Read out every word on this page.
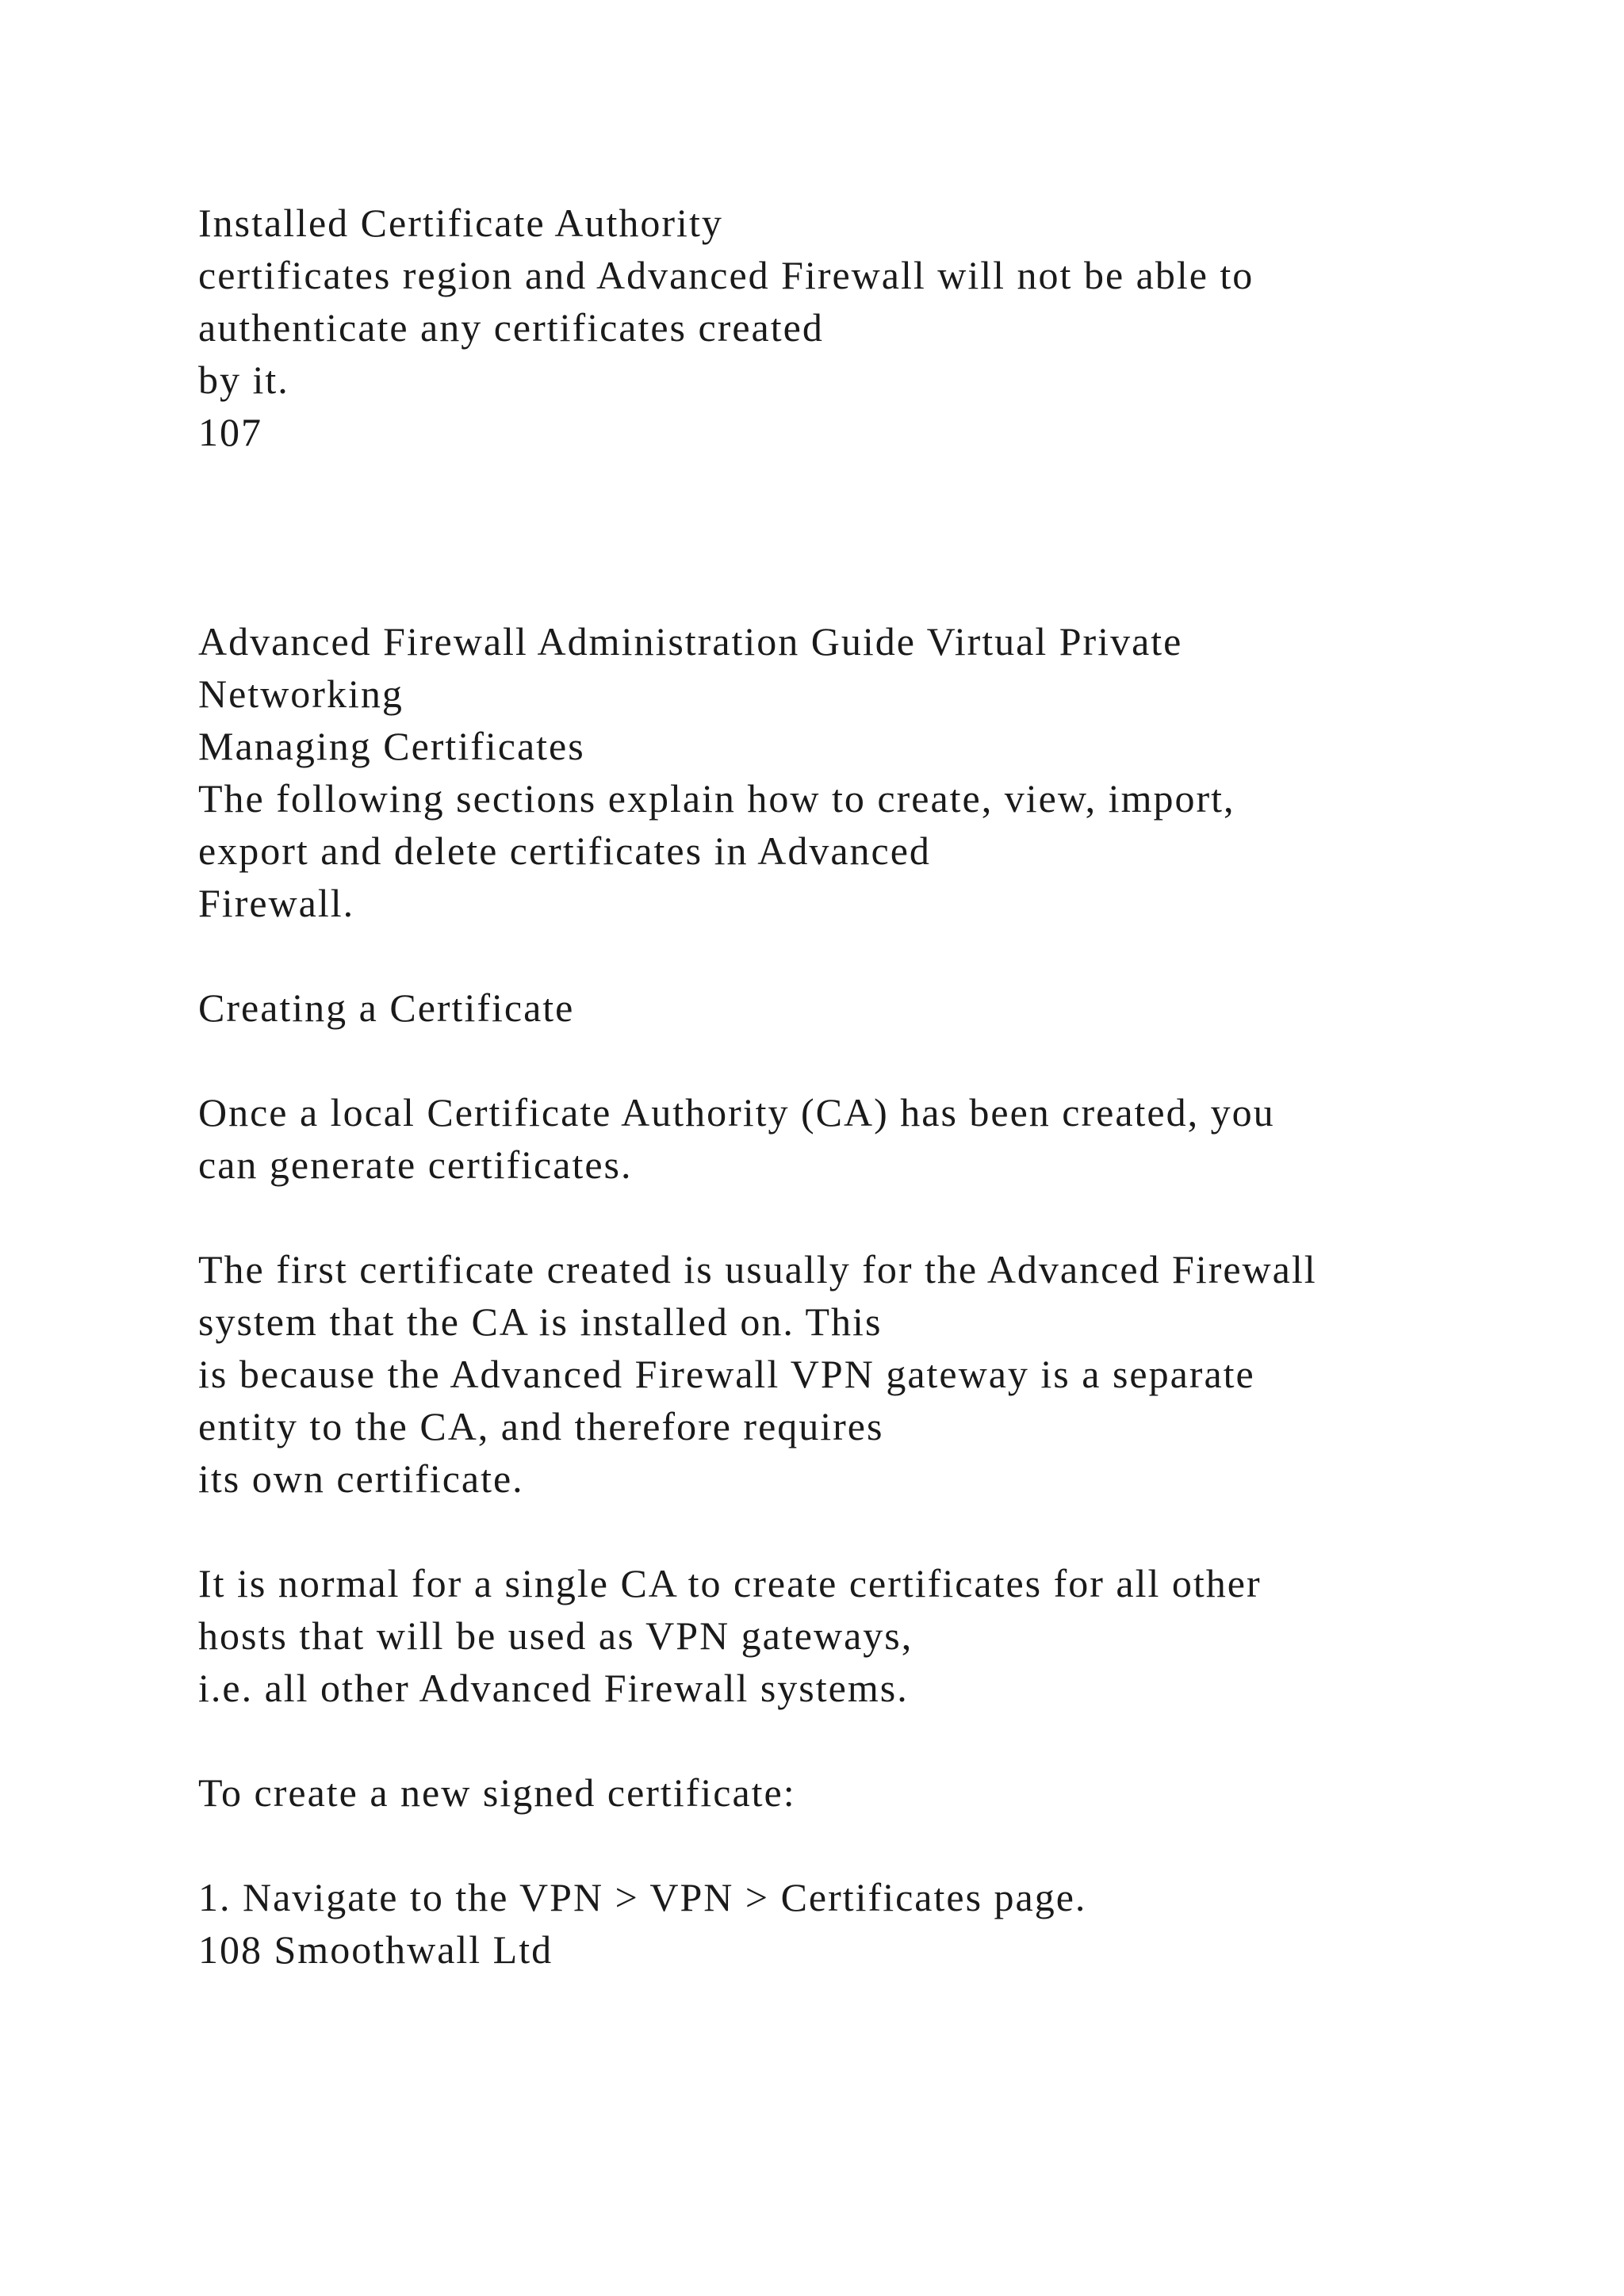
Installed Certificate Authority

certificates region and Advanced Firewall will not be able to

authenticate any certificates created

by it.

107

Advanced Firewall Administration Guide Virtual Private

Networking

Managing Certificates

The following sections explain how to create, view, import,

export and delete certificates in Advanced

Firewall.

Creating a Certificate

Once a local Certificate Authority (CA) has been created, you

can generate certificates.

The first certificate created is usually for the Advanced Firewall

system that the CA is installed on. This

is because the Advanced Firewall VPN gateway is a separate

entity to the CA, and therefore requires

its own certificate.

It is normal for a single CA to create certificates for all other

hosts that will be used as VPN gateways,

i.e. all other Advanced Firewall systems.

To create a new signed certificate:

1. Navigate to the VPN > VPN > Certificates page.

108 Smoothwall Ltd
